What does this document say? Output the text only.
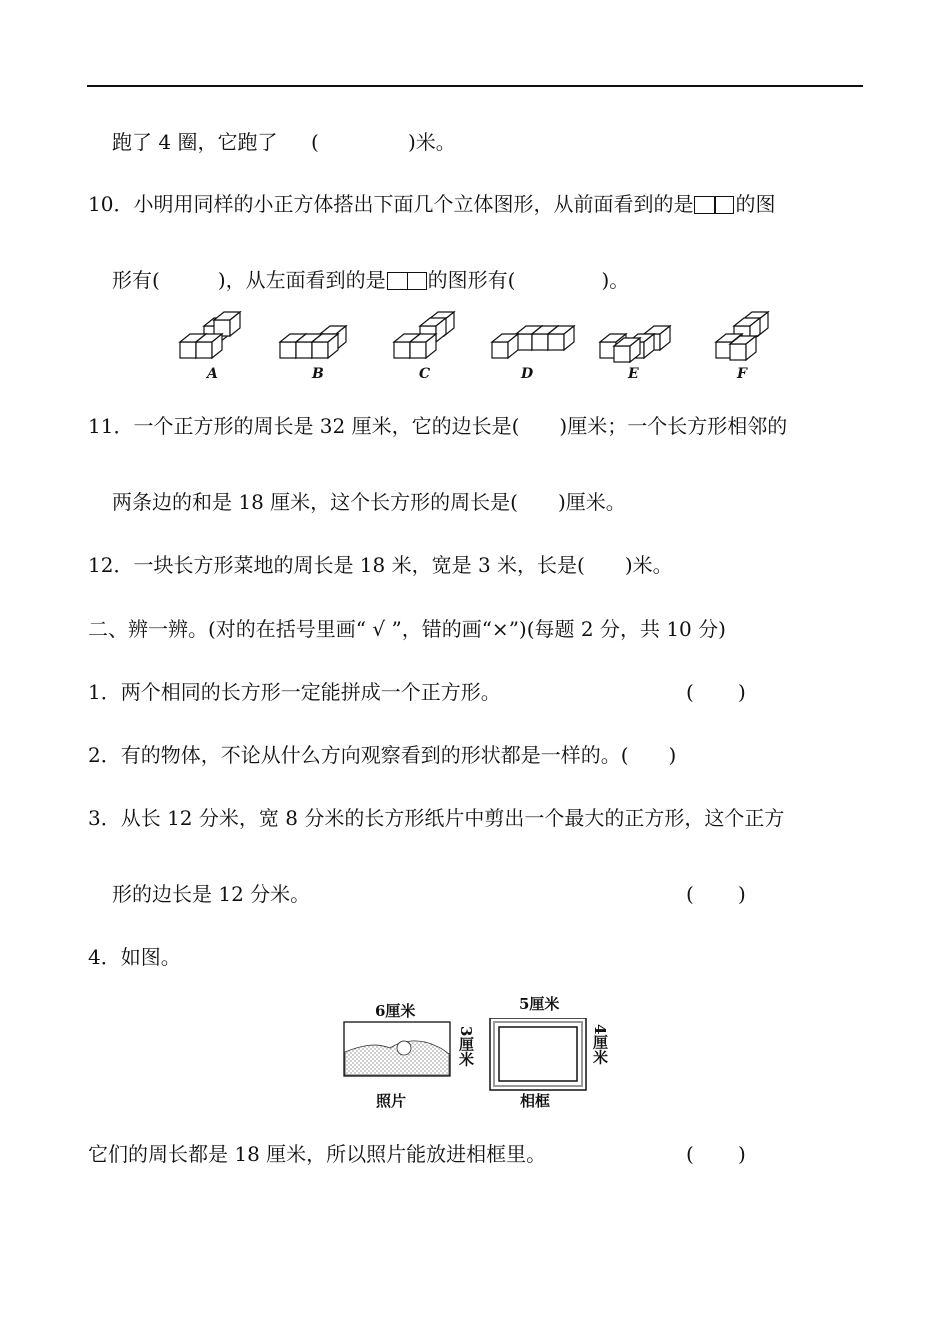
跑了 4 圈，它跑了 (	)米。
10．小明用同样的小正方体搭出下面几个立体图形，从前面看到的是 的图
形有(	)，从左面看到的是 的图形有(	)。
A	B	C	D	E	F
11．一个正方形的周长是 32 厘米，它的边长是( )厘米；一个长方形相邻的
两条边的和是 18 厘米，这个长方形的周长是( )厘米。
12．一块长方形菜地的周长是 18 米，宽是 3 米，长是( )米。
二、辨一辨。(对的在括号里画“ √ ”，错的画“×”)(每题 2 分，共 10 分)
1．两个相同的长方形一定能拼成一个正方形。	( )
2．有的物体，不论从什么方向观察看到的形状都是一样的。( )
3．从长 12 分米，宽 8 分米的长方形纸片中剪出一个最大的正方形，这个正方
形的边长是 12 分米。	( )
4．如图。
6厘米
3厘米
照片
5厘米
4厘米
相框
它们的周长都是 18 厘米，所以照片能放进相框里。	( )
